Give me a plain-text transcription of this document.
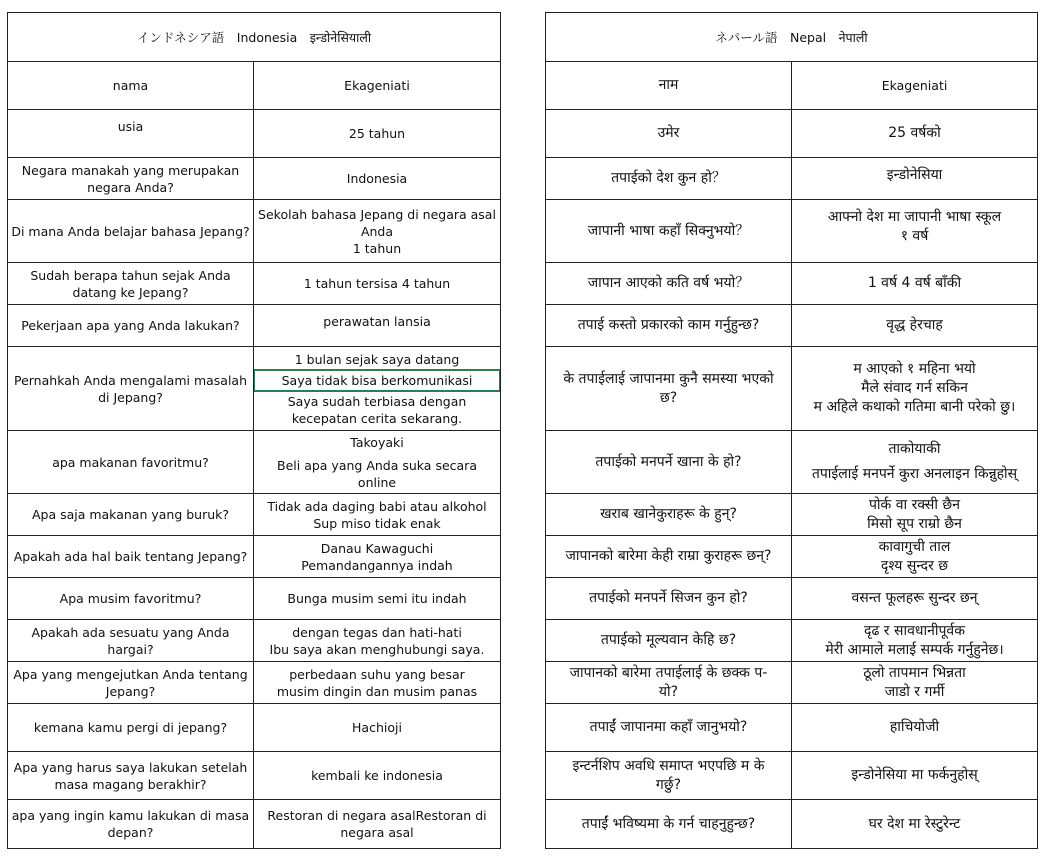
インドネシア語　Indonesia　इन्डोनेसियाली	

nama	Ekageniati

usia	25 tahun

Negara manakah yang merupakan
negara Anda?	Indonesia

Di mana Anda belajar bahasa Jepang?	Sekolah bahasa Jepang di negara asal
Anda
1 tahun

Sudah berapa tahun sejak Anda
datang ke Jepang?	1 tahun tersisa 4 tahun

Pekerjaan apa yang Anda lakukan?	perawatan lansia

Pernahkah Anda mengalami masalah
di Jepang?	1 bulan sejak saya datang
Saya tidak bisa berkomunikasi
Saya sudah terbiasa dengan
kecepatan cerita sekarang.

apa makanan favoritmu?	Takoyaki
Beli apa yang Anda suka secara
online

Apa saja makanan yang buruk?	Tidak ada daging babi atau alkohol
Sup miso tidak enak

Apakah ada hal baik tentang Jepang?	Danau Kawaguchi
Pemandangannya indah

Apa musim favoritmu?	Bunga musim semi itu indah

Apakah ada sesuatu yang Anda
hargai?	dengan tegas dan hati-hati
Ibu saya akan menghubungi saya.

Apa yang mengejutkan Anda tentang
Jepang?	perbedaan suhu yang besar
musim dingin dan musim panas

kemana kamu pergi di jepang?	Hachioji

Apa yang harus saya lakukan setelah
masa magang berakhir?	kembali ke indonesia

apa yang ingin kamu lakukan di masa
depan?	Restoran di negara asalRestoran di
negara asal
ネパール語　Nepal　नेपाली	

नाम	Ekageniati

उमेर	25 वर्षको

तपाईको देश कुन हो？	इन्डोनेसिया

जापानी भाषा कहाँ सिक्नुभयो？	आफ्नो देश मा जापानी भाषा स्कूल
१ वर्ष

जापान आएको कति वर्ष भयो？	1 वर्ष 4 वर्ष बाँकी

तपाई कस्तो प्रकारको काम गर्नुहुन्छ?	वृद्ध हेरचाह

के तपाईलाई जापानमा कुनै समस्या भएको
छ?	म आएको १ महिना भयो
मैले संवाद गर्न सकिन
म अहिले कथाको गतिमा बानी परेको छु।

तपाईको मनपर्ने खाना के हो?	ताकोयाकी
तपाईलाई मनपर्ने कुरा अनलाइन किन्नुहोस्

खराब खानेकुराहरू के हुन्?	पोर्क वा रक्सी छैन
मिसो सूप राम्रो छैन

जापानको बारेमा केही राम्रा कुराहरू छन्?	कावागुची ताल
दृश्य सुन्दर छ

तपाईको मनपर्ने सिजन कुन हो?	वसन्त फूलहरू सुन्दर छन्

तपाईको मूल्यवान केहि छ?	दृढ र सावधानीपूर्वक
मेरी आमाले मलाई सम्पर्क गर्नुहुनेछ।

जापानको बारेमा तपाईलाई के छक्क प-
यो?	ठूलो तापमान भिन्नता
जाडो र गर्मी

तपाईं जापानमा कहाँ जानुभयो?	हाचियोजी

इन्टर्नशिप अवधि समाप्त भएपछि म के
गर्छु?	इन्डोनेसिया मा फर्कनुहोस्

तपाईं भविष्यमा के गर्न चाहनुहुन्छ?	घर देश मा रेस्टुरेन्ट
